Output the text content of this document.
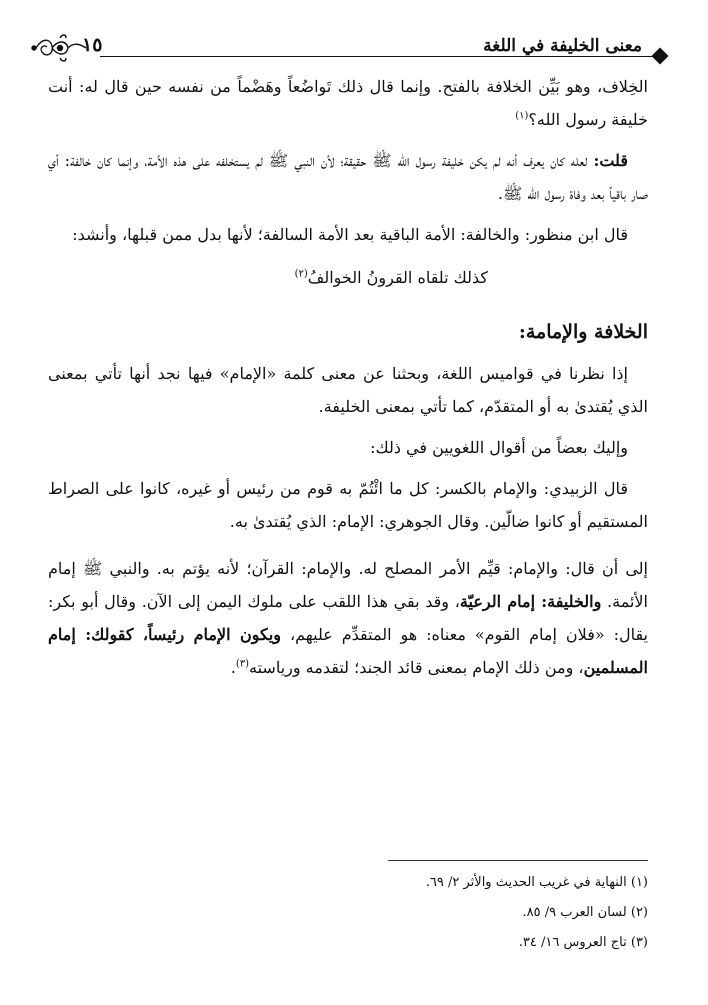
معنى الخليفة في اللغة
١٥

الخِلاف، وهو بَيِّن الخلافة بالفتح. وإنما قال ذلك تَواضُعاً وهَضْماً من نفسه حين قال له: أنت خليفة رسول الله؟$^{(١)}$

قلت: لعله كان يعرف أنه لم يكن خليفة رسول الله ﷺ حقيقة؛ لأن النبي ﷺ لم يستخلفه على هذه الأمة، وإنما كان خالفة: أي صار باقياً بعد وفاة رسول الله ﷺ.

قال ابن منظور: والخالفة: الأمة الباقية بعد الأمة السالفة؛ لأنها بدل ممن قبلها، وأنشد:

كذلك تلقاه القرونُ الخوالفُ$^{(٢)}$

الخلافة والإمامة:

إذا نظرنا في قواميس اللغة، وبحثنا عن معنى كلمة «الإمام» فيها نجد أنها تأتي بمعنى الذي يُقتدىٰ به أو المتقدّم، كما تأتي بمعنى الخليفة.

وإليك بعضاً من أقوال اللغويين في ذلك:

قال الزبيدي: والإمام بالكسر: كل ما ائْتُمّ به قوم من رئيس أو غيره، كانوا على الصراط المستقيم أو كانوا ضالّين. وقال الجوهري: الإمام: الذي يُقتدىٰ به.

إلى أن قال: والإمام: قيِّم الأمر المصلح له. والإمام: القرآن؛ لأنه يؤتم به. والنبي ﷺ إمام الأئمة. والخليفة: إمام الرعيّة، وقد بقي هذا اللقب على ملوك اليمن إلى الآن. وقال أبو بكر: يقال: «فلان إمام القوم» معناه: هو المتقدِّم عليهم، ويكون الإمام رئيساً، كقولك: إمام المسلمين، ومن ذلك الإمام بمعنى قائد الجند؛ لتقدمه ورياسته$^{(٣)}$.

(١) النهاية في غريب الحديث والأثر ٢/ ٦٩.
(٢) لسان العرب ٩/ ٨٥.
(٣) تاج العروس ١٦/ ٣٤.
